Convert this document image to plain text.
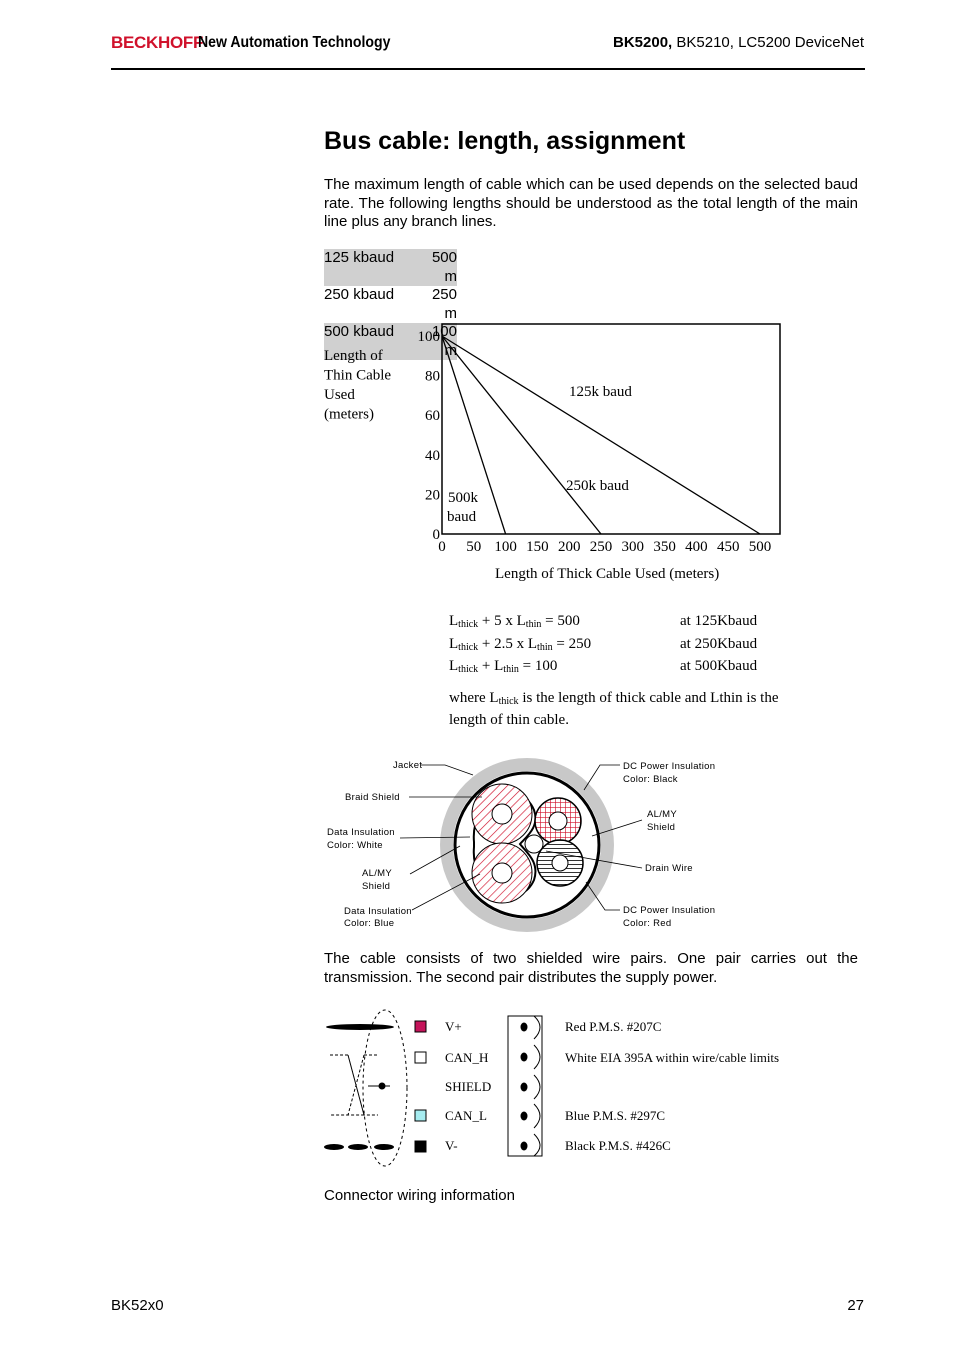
BECKHOFF
New Automation Technology	BK5200, BK5210, LC5200 DeviceNet
Bus cable: length, assignment
The maximum length of cable which can be used depends on the selected baud rate. The following lengths should be understood as the total length of the main line plus any branch lines.
125 kbaud	500 m
250 kbaud	250 m
500 kbaud	100 m
Length of
Thin Cable
Used
(meters)
0
20
40
60
80
100
0 50 100 150 200 250 300 350 400 450 500
125k baud
250k baud
500k
baud
Length of Thick Cable Used (meters)
$L_{thick} + 5$ x $L_{thin} = 500$	at 125Kbaud
$L_{thick} + 2.5$ x $L_{thin} = 250$	at 250Kbaud
$L_{thick} + L_{thin} = 100$	at 500Kbaud
where $L_{thick}$ is the length of thick cable and Lthin is the length of thin cable.
Jacket
Braid Shield
Data Insulation
Color: White
AL/MY
Shield
Data Insulation
Color: Blue
DC Power Insulation
Color: Black
AL/MY
Shield
Drain Wire
DC Power Insulation
Color: Red
The cable consists of two shielded wire pairs. One pair carries out the transmission. The second pair distributes the supply power.
V+
CAN_H
SHIELD
CAN_L
V-
Red P.M.S. #207C
White EIA 395A within wire/cable limits
Blue P.M.S. #297C
Black P.M.S. #426C
Connector wiring information
BK52x0	27
